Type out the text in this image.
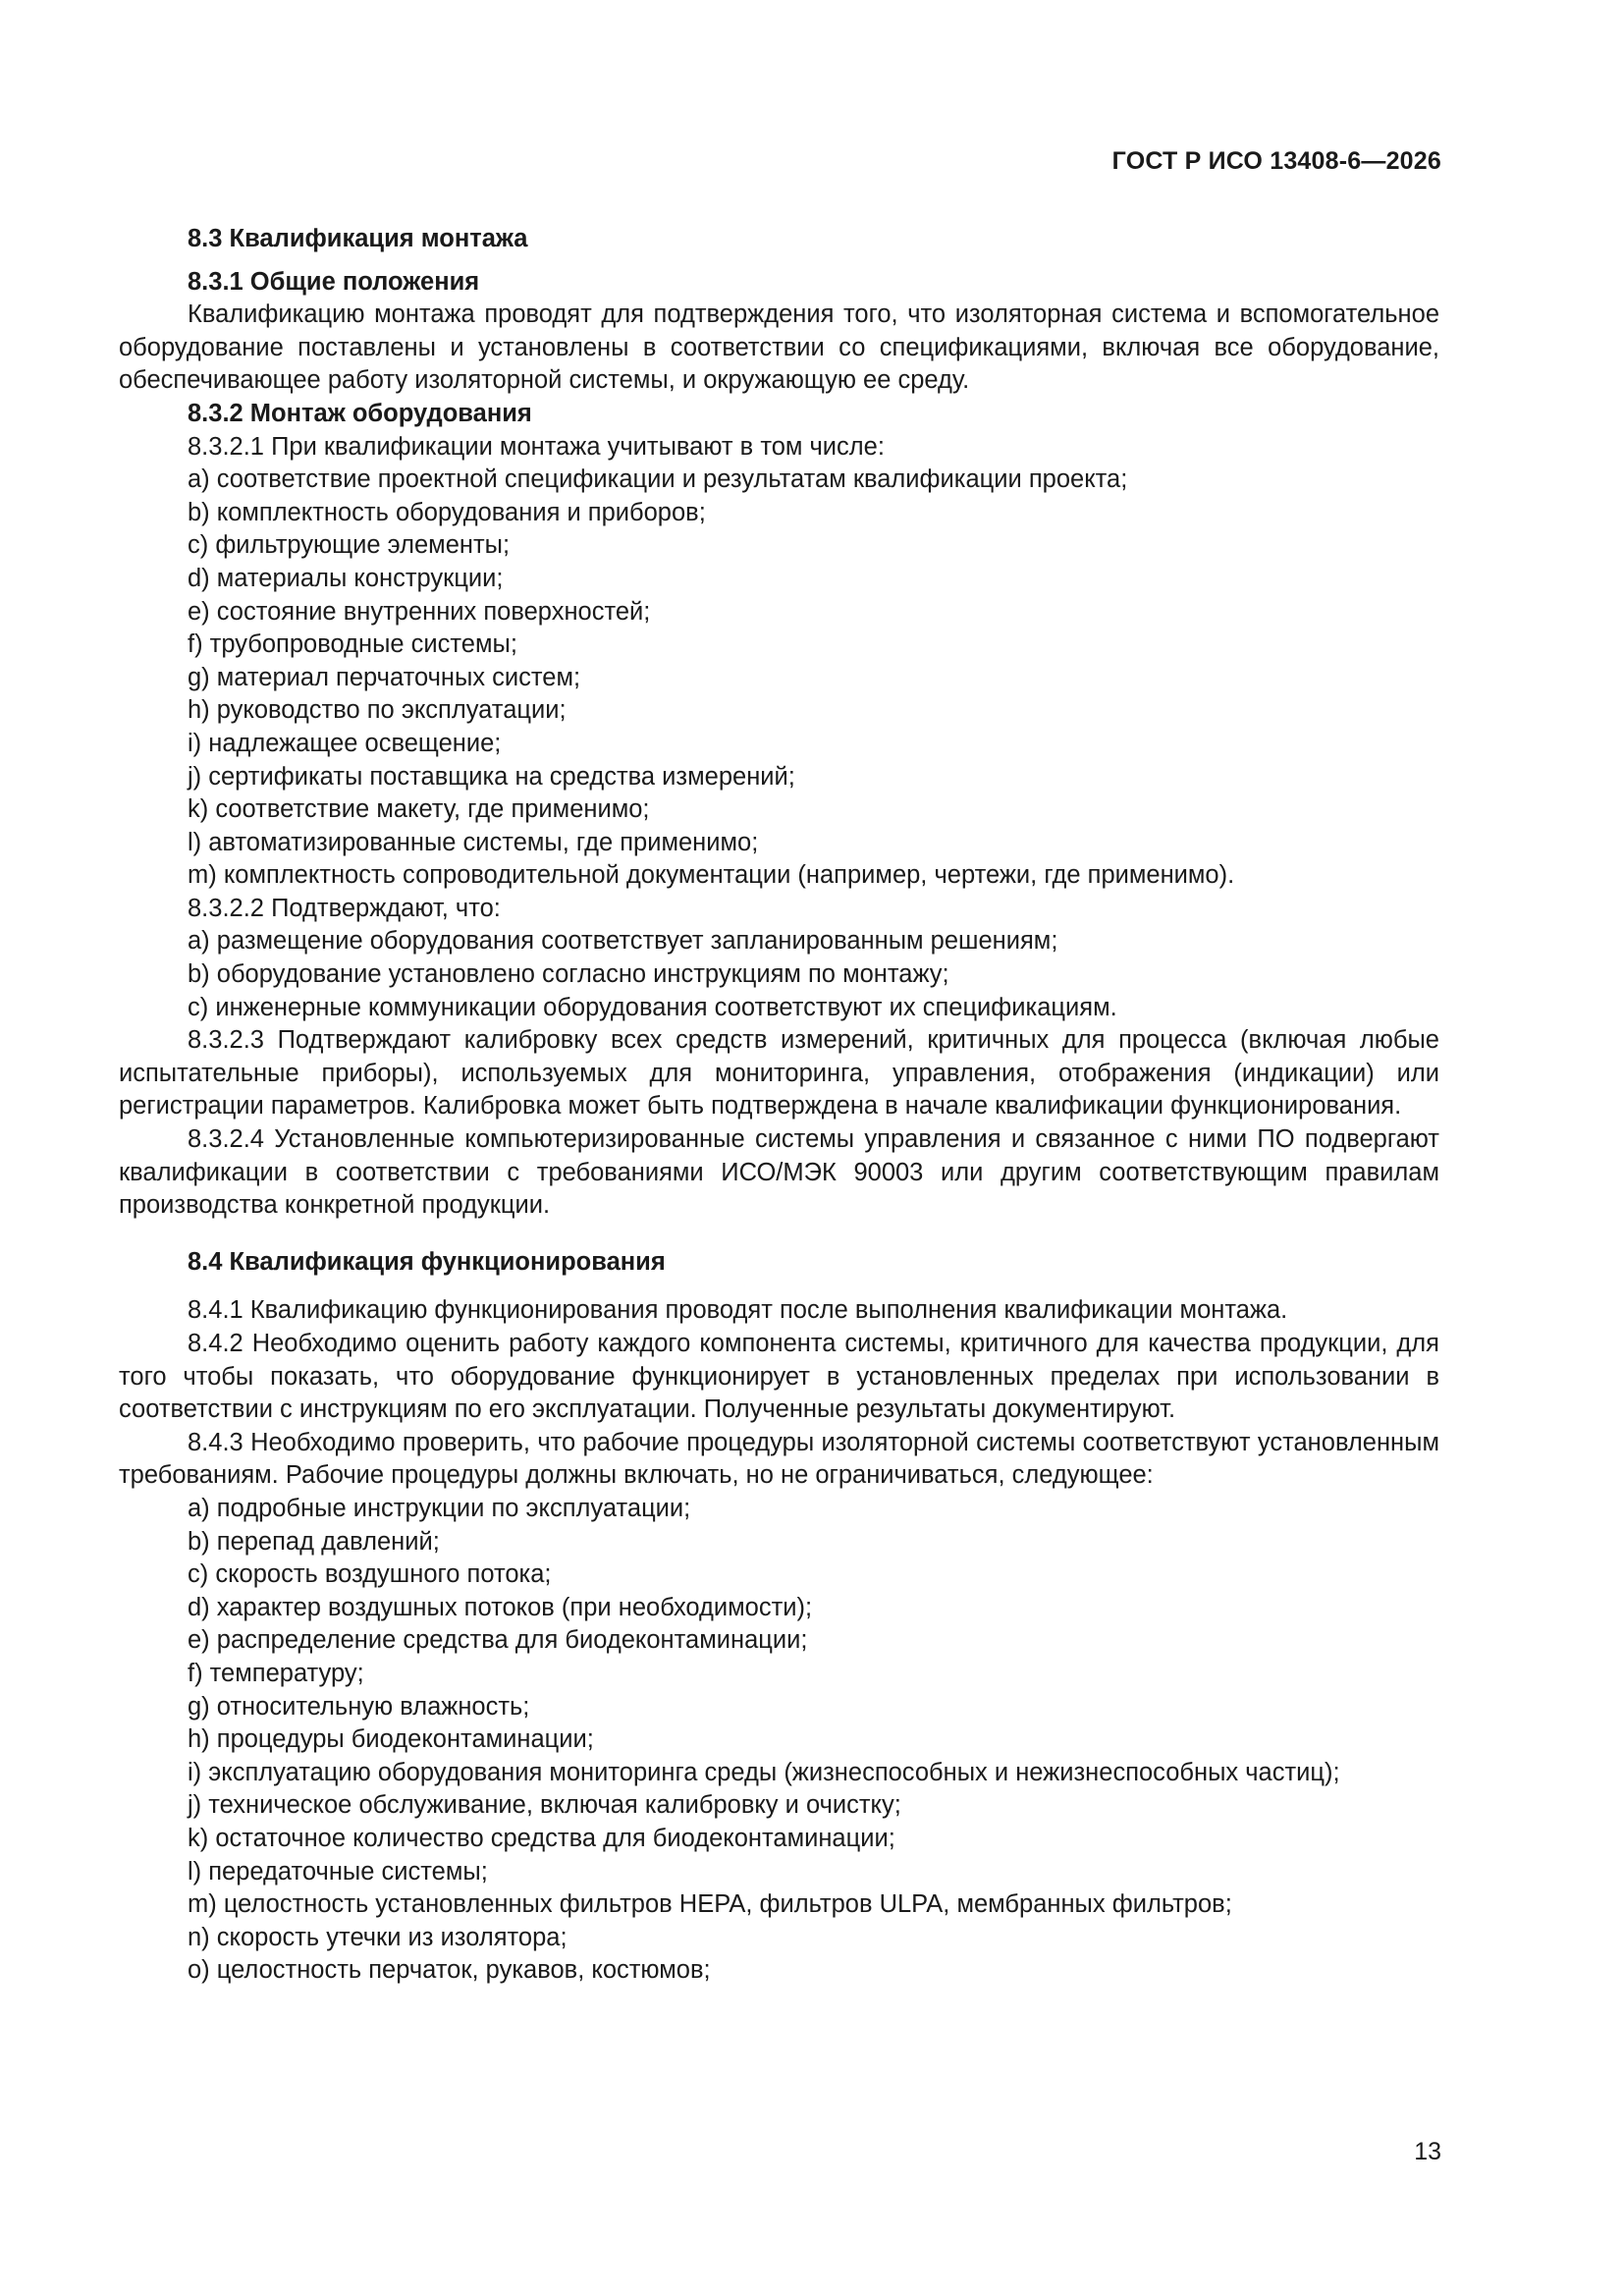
ГОСТ Р ИСО 13408-6—2026

8.3 Квалификация монтажа

8.3.1 Общие положения

Квалификацию монтажа проводят для подтверждения того, что изоляторная система и вспомогательное оборудование поставлены и установлены в соответствии со спецификациями, включая все оборудование, обеспечивающее работу изоляторной системы, и окружающую ее среду.

8.3.2 Монтаж оборудования

8.3.2.1 При квалификации монтажа учитывают в том числе:

a) соответствие проектной спецификации и результатам квалификации проекта;

b) комплектность оборудования и приборов;

c) фильтрующие элементы;

d) материалы конструкции;

e) состояние внутренних поверхностей;

f) трубопроводные системы;

g) материал перчаточных систем;

h) руководство по эксплуатации;

i) надлежащее освещение;

j) сертификаты поставщика на средства измерений;

k) соответствие макету, где применимо;

l) автоматизированные системы, где применимо;

m) комплектность сопроводительной документации (например, чертежи, где применимо).

8.3.2.2 Подтверждают, что:

a) размещение оборудования соответствует запланированным решениям;

b) оборудование установлено согласно инструкциям по монтажу;

c) инженерные коммуникации оборудования соответствуют их спецификациям.

8.3.2.3 Подтверждают калибровку всех средств измерений, критичных для процесса (включая любые испытательные приборы), используемых для мониторинга, управления, отображения (индикации) или регистрации параметров. Калибровка может быть подтверждена в начале квалификации функционирования.

8.3.2.4 Установленные компьютеризированные системы управления и связанное с ними ПО подвергают квалификации в соответствии с требованиями ИСО/МЭК 90003 или другим соответствующим правилам производства конкретной продукции.

8.4 Квалификация функционирования

8.4.1 Квалификацию функционирования проводят после выполнения квалификации монтажа.

8.4.2 Необходимо оценить работу каждого компонента системы, критичного для качества продукции, для того чтобы показать, что оборудование функционирует в установленных пределах при использовании в соответствии с инструкциям по его эксплуатации. Полученные результаты документируют.

8.4.3 Необходимо проверить, что рабочие процедуры изоляторной системы соответствуют установленным требованиям. Рабочие процедуры должны включать, но не ограничиваться, следующее:

a) подробные инструкции по эксплуатации;

b) перепад давлений;

c) скорость воздушного потока;

d) характер воздушных потоков (при необходимости);

e) распределение средства для биодеконтаминации;

f) температуру;

g) относительную влажность;

h) процедуры биодеконтаминации;

i) эксплуатацию оборудования мониторинга среды (жизнеспособных и нежизнеспособных частиц);

j) техническое обслуживание, включая калибровку и очистку;

k) остаточное количество средства для биодеконтаминации;

l) передаточные системы;

m) целостность установленных фильтров HEPA, фильтров ULPA, мембранных фильтров;

n) скорость утечки из изолятора;

o) целостность перчаток, рукавов, костюмов;

13
